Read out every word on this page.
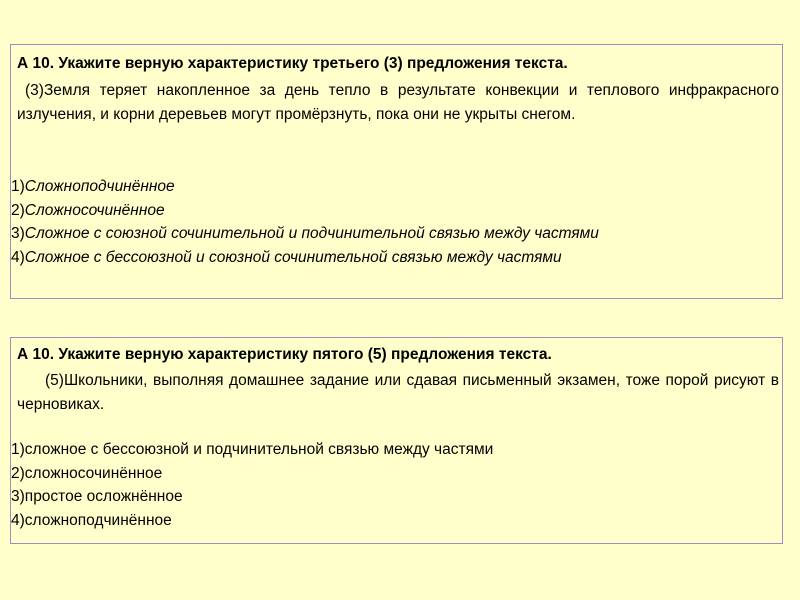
А 10. Укажите верную характеристику третьего (3) предложения текста.
(3)Земля теряет накопленное за день тепло в результате конвекции и теплового инфракрасного излучения, и корни деревьев могут промёрзнуть, пока они не укрыты снегом.
1)Сложноподчинённое
2)Сложносочинённое
3)Сложное с союзной сочинительной и подчинительной связью между частями
4)Сложное с бессоюзной и союзной сочинительной связью между частями
А 10. Укажите верную характеристику пятого (5) предложения текста.
(5)Школьники, выполняя домашнее задание или сдавая письменный экзамен, тоже порой рисуют в черновиках.
1)сложное с бессоюзной и подчинительной связью между частями
2)сложносочинённое
3)простое осложнённое
4)сложноподчинённое
